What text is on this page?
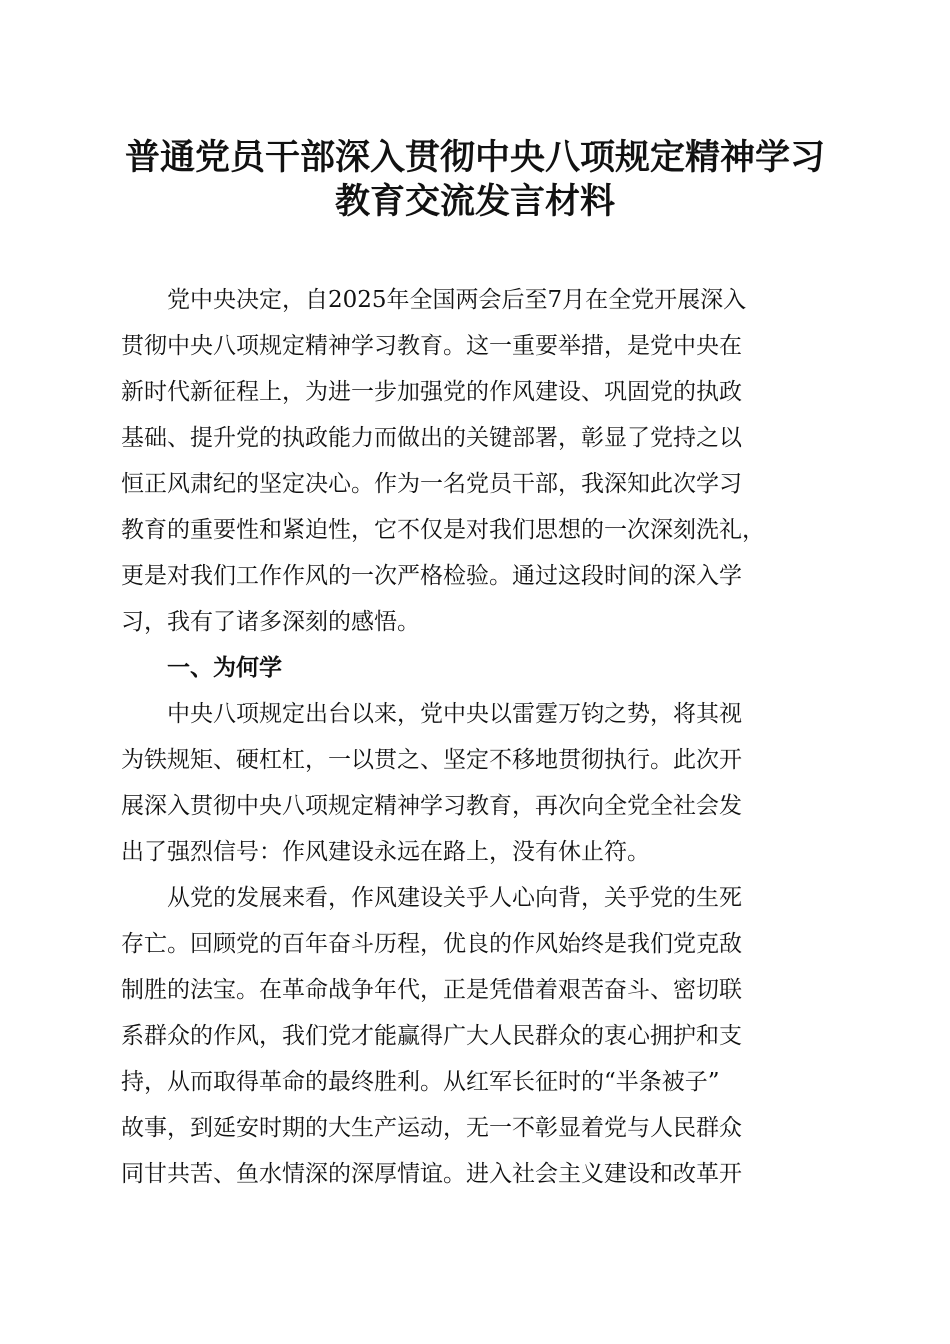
普通党员干部深入贯彻中央八项规定精神学习
教育交流发言材料
党中央决定，自2025年全国两会后至7月在全党开展深入
贯彻中央八项规定精神学习教育。这一重要举措，是党中央在
新时代新征程上，为进一步加强党的作风建设、巩固党的执政
基础、提升党的执政能力而做出的关键部署，彰显了党持之以
恒正风肃纪的坚定决心。作为一名党员干部，我深知此次学习
教育的重要性和紧迫性，它不仅是对我们思想的一次深刻洗礼，
更是对我们工作作风的一次严格检验。通过这段时间的深入学
习，我有了诸多深刻的感悟。
一、为何学
中央八项规定出台以来，党中央以雷霆万钧之势，将其视
为铁规矩、硬杠杠，一以贯之、坚定不移地贯彻执行。此次开
展深入贯彻中央八项规定精神学习教育，再次向全党全社会发
出了强烈信号：作风建设永远在路上，没有休止符。
从党的发展来看，作风建设关乎人心向背，关乎党的生死
存亡。回顾党的百年奋斗历程，优良的作风始终是我们党克敌
制胜的法宝。在革命战争年代，正是凭借着艰苦奋斗、密切联
系群众的作风，我们党才能赢得广大人民群众的衷心拥护和支
持，从而取得革命的最终胜利。从红军长征时的“半条被子”
故事，到延安时期的大生产运动，无一不彰显着党与人民群众
同甘共苦、鱼水情深的深厚情谊。进入社会主义建设和改革开
